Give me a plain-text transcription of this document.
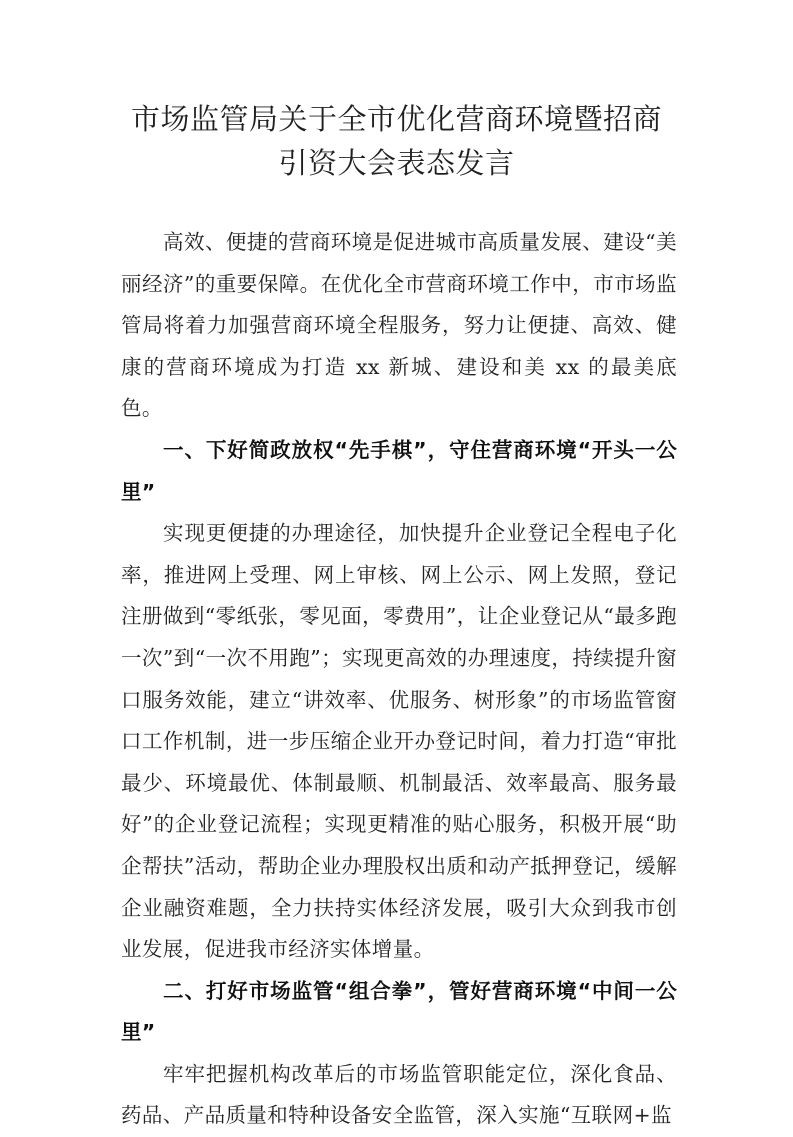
市场监管局关于全市优化营商环境暨招商
引资大会表态发言

高效、便捷的营商环境是促进城市高质量发展、建设“美丽经济”的重要保障。在优化全市营商环境工作中，市市场监管局将着力加强营商环境全程服务，努力让便捷、高效、健康的营商环境成为打造 xx 新城、建设和美 xx 的最美底色。

一、下好简政放权“先手棋”，守住营商环境“开头一公里”

实现更便捷的办理途径，加快提升企业登记全程电子化率，推进网上受理、网上审核、网上公示、网上发照，登记注册做到“零纸张，零见面，零费用”，让企业登记从“最多跑一次”到“一次不用跑”；实现更高效的办理速度，持续提升窗口服务效能，建立“讲效率、优服务、树形象”的市场监管窗口工作机制，进一步压缩企业开办登记时间，着力打造“审批最少、环境最优、体制最顺、机制最活、效率最高、服务最好”的企业登记流程；实现更精准的贴心服务，积极开展“助企帮扶”活动，帮助企业办理股权出质和动产抵押登记，缓解企业融资难题，全力扶持实体经济发展，吸引大众到我市创业发展，促进我市经济实体增量。

二、打好市场监管“组合拳”，管好营商环境“中间一公里”

牢牢把握机构改革后的市场监管职能定位，深化食品、药品、产品质量和特种设备安全监管，深入实施“互联网+监
